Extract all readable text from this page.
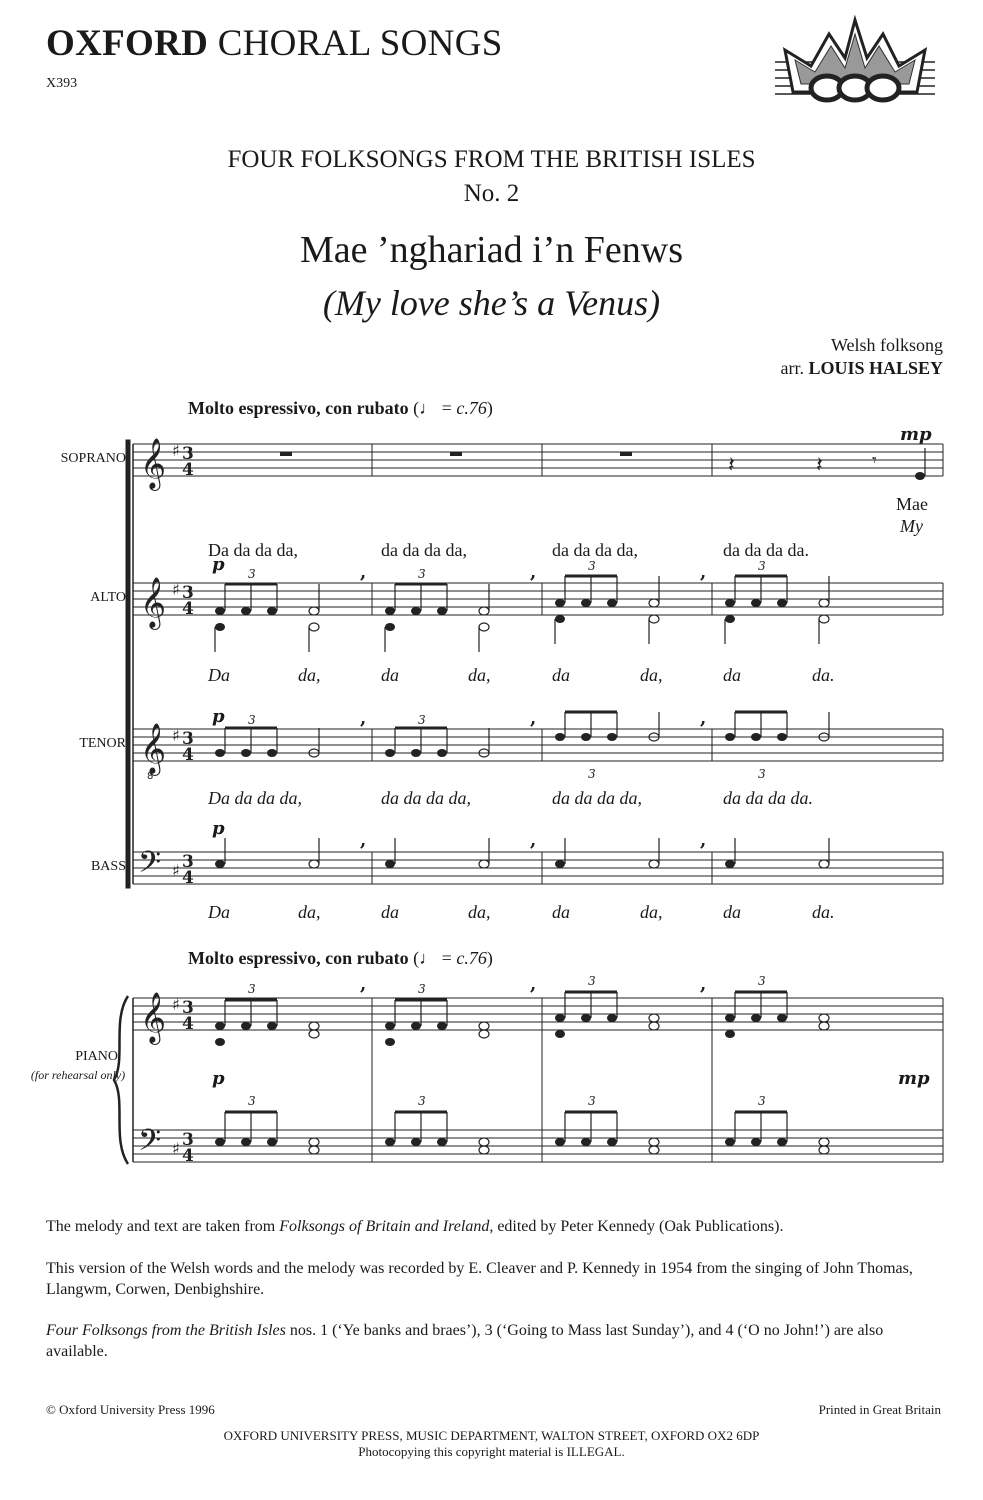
OXFORD CHORAL SONGS
X393
FOUR FOLKSONGS FROM THE BRITISH ISLES
No. 2
Mae ’nghariad i’n Fenws
(My love she’s a Venus)
Welsh folksong
arr. LOUIS HALSEY
Molto espressivo, con rubato (♩ = c.76)
Molto espressivo, con rubato (♩ = c.76)
SOPRANO
ALTO
TENOR
BASS
PIANO
(for rehearsal only)
𝄞
𝄞
𝄞
8
𝄢
𝄞
𝄢
♯
♯
♯
♯
♯
♯
3
4
3
4
3
4
3
4
3
4
3
4
𝄽	𝄽	𝄾
3	3
3	3
3	3
3	3
3	3
3	3
3	3	3	3
,	,	,
,	,	,
,	,	,
,	,	,
mp
p
p
p
p	mp
Mae
My
Da da da da,	da da da da,	da da da da,	da da da da.
Da	da,	da	da,	da	da,	da	da.
Da da da da,	da da da da,	da da da da,	da da da da.
Da	da,	da	da,	da	da,	da	da.
The melody and text are taken from Folksongs of Britain and Ireland, edited by Peter Kennedy (Oak Publications).
This version of the Welsh words and the melody was recorded by E. Cleaver and P. Kennedy in 1954 from the singing of John Thomas, Llangwm, Corwen, Denbighshire.
Four Folksongs from the British Isles nos. 1 (‘Ye banks and braes’), 3 (‘Going to Mass last Sunday’), and 4 (‘O no John!’) are also available.
© Oxford University Press 1996	Printed in Great Britain
OXFORD UNIVERSITY PRESS, MUSIC DEPARTMENT, WALTON STREET, OXFORD OX2 6DP
Photocopying this copyright material is ILLEGAL.
